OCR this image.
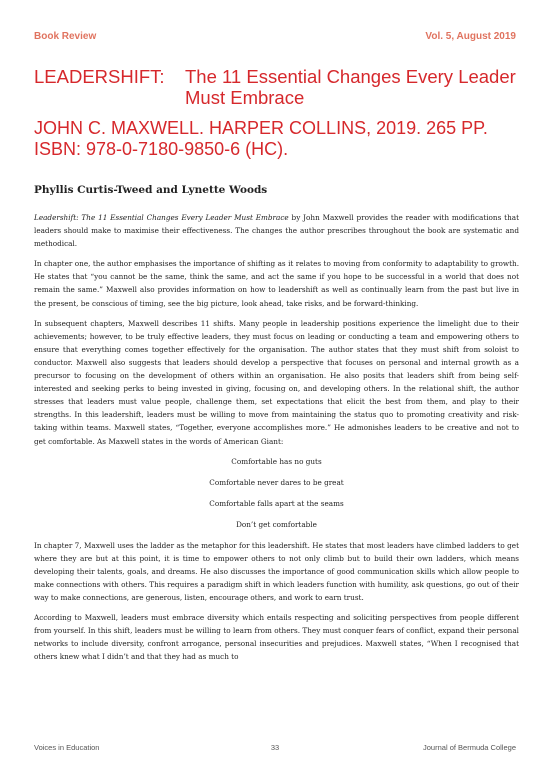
Book Review	Vol. 5, August 2019
LEADERSHIFT:	The 11 Essential Changes Every Leader Must Embrace
JOHN C. MAXWELL. HARPER COLLINS, 2019. 265 PP. ISBN: 978-0-7180-9850-6 (HC).
Phyllis Curtis-Tweed and Lynette Woods

Leadershift: The 11 Essential Changes Every Leader Must Embrace by John Maxwell provides the reader with modifications that leaders should make to maximise their effectiveness. The changes the author prescribes throughout the book are systematic and methodical.

In chapter one, the author emphasises the importance of shifting as it relates to moving from conformity to adaptability to growth. He states that “you cannot be the same, think the same, and act the same if you hope to be successful in a world that does not remain the same.” Maxwell also provides information on how to leadershift as well as continually learn from the past but live in the present, be conscious of timing, see the big picture, look ahead, take risks, and be forward-thinking.

In subsequent chapters, Maxwell describes 11 shifts. Many people in leadership positions experience the limelight due to their achievements; however, to be truly effective leaders, they must focus on leading or conducting a team and empowering others to ensure that everything comes together effectively for the organisation. The author states that they must shift from soloist to conductor. Maxwell also suggests that leaders should develop a perspective that focuses on personal and internal growth as a precursor to focusing on the development of others within an organisation. He also posits that leaders shift from being self-interested and seeking perks to being invested in giving, focusing on, and developing others. In the relational shift, the author stresses that leaders must value people, challenge them, set expectations that elicit the best from them, and play to their strengths. In this leadershift, leaders must be willing to move from maintaining the status quo to promoting creativity and risk-taking within teams. Maxwell states, “Together, everyone accomplishes more.” He admonishes leaders to be creative and not to get comfortable. As Maxwell states in the words of American Giant:

Comfortable has no guts
Comfortable never dares to be great
Comfortable falls apart at the seams
Don’t get comfortable

In chapter 7, Maxwell uses the ladder as the metaphor for this leadershift. He states that most leaders have climbed ladders to get where they are but at this point, it is time to empower others to not only climb but to build their own ladders, which means developing their talents, goals, and dreams. He also discusses the importance of good communication skills which allow people to make connections with others. This requires a paradigm shift in which leaders function with humility, ask questions, go out of their way to make connections, are generous, listen, encourage others, and work to earn trust.

According to Maxwell, leaders must embrace diversity which entails respecting and soliciting perspectives from people different from yourself. In this shift, leaders must be willing to learn from others. They must conquer fears of conflict, expand their personal networks to include diversity, confront arrogance, personal insecurities and prejudices. Maxwell states, “When I recognised that others knew what I didn’t and that they had as much to

Voices in Education	33	Journal of Bermuda College
